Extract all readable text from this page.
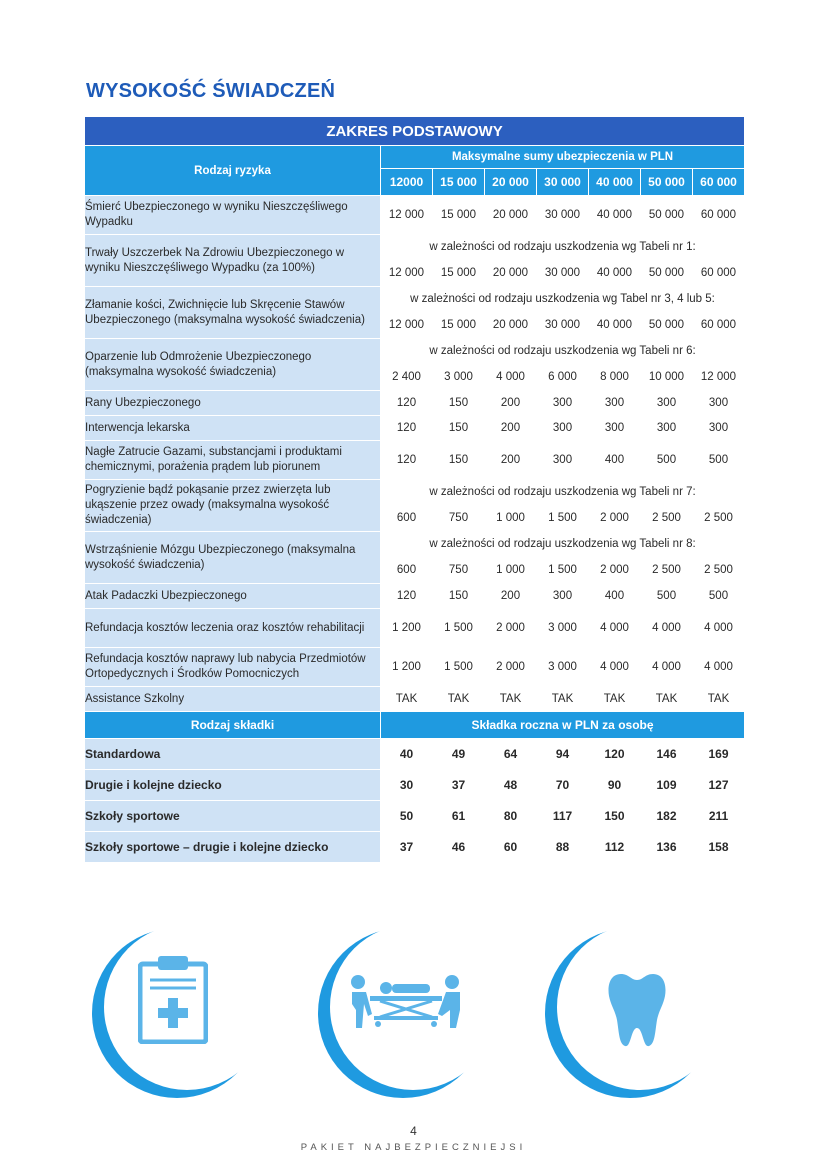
WYSOKOŚĆ ŚWIADCZEŃ
ZAKRES PODSTAWOWY							
Rodzaj ryzyka	Maksymalne sumy ubezpieczenia w PLN						
	12000	15 000	20 000	30 000	40 000	50 000	60 000
Śmierć Ubezpieczonego w wyniku Nieszczęśliwego Wypadku	12 000	15 000	20 000	30 000	40 000	50 000	60 000
Trwały Uszczerbek Na Zdrowiu Ubezpieczonego w wyniku Nieszczęśliwego Wypadku (za 100%)	w zależności od rodzaju uszkodzenia wg Tabeli nr 1:						
	12 000	15 000	20 000	30 000	40 000	50 000	60 000
Złamanie kości, Zwichnięcie lub Skręcenie Stawów Ubezpieczonego (maksymalna wysokość świadczenia)	w zależności od rodzaju uszkodzenia wg Tabel nr 3, 4 lub 5:						
	12 000	15 000	20 000	30 000	40 000	50 000	60 000
Oparzenie lub Odmrożenie Ubezpieczonego (maksymalna wysokość świadczenia)	w zależności od rodzaju uszkodzenia wg Tabeli nr 6:						
	2 400	3 000	4 000	6 000	8 000	10 000	12 000
Rany Ubezpieczonego	120	150	200	300	300	300	300
Interwencja lekarska	120	150	200	300	300	300	300
Nagłe Zatrucie Gazami, substancjami i produktami chemicznymi, porażenia prądem lub piorunem	120	150	200	300	400	500	500
Pogryzienie bądź pokąsanie przez zwierzęta lub ukąszenie przez owady (maksymalna wysokość świadczenia)	w zależności od rodzaju uszkodzenia wg Tabeli nr 7:						
	600	750	1 000	1 500	2 000	2 500	2 500
Wstrząśnienie Mózgu Ubezpieczonego (maksymalna wysokość świadczenia)	w zależności od rodzaju uszkodzenia wg Tabeli nr 8:						
	600	750	1 000	1 500	2 000	2 500	2 500
Atak Padaczki Ubezpieczonego	120	150	200	300	400	500	500
Refundacja kosztów leczenia oraz kosztów rehabilitacji	1 200	1 500	2 000	3 000	4 000	4 000	4 000
Refundacja kosztów naprawy lub nabycia Przedmiotów Ortopedycznych i Środków Pomocniczych	1 200	1 500	2 000	3 000	4 000	4 000	4 000
Assistance Szkolny	TAK	TAK	TAK	TAK	TAK	TAK	TAK
Rodzaj składki	Składka roczna w PLN za osobę						
Standardowa	40	49	64	94	120	146	169
Drugie i kolejne dziecko	30	37	48	70	90	109	127
Szkoły sportowe	50	61	80	117	150	182	211
Szkoły sportowe – drugie i kolejne dziecko	37	46	60	88	112	136	158
4
PAKIET NAJBEZPIECZNIEJSI
